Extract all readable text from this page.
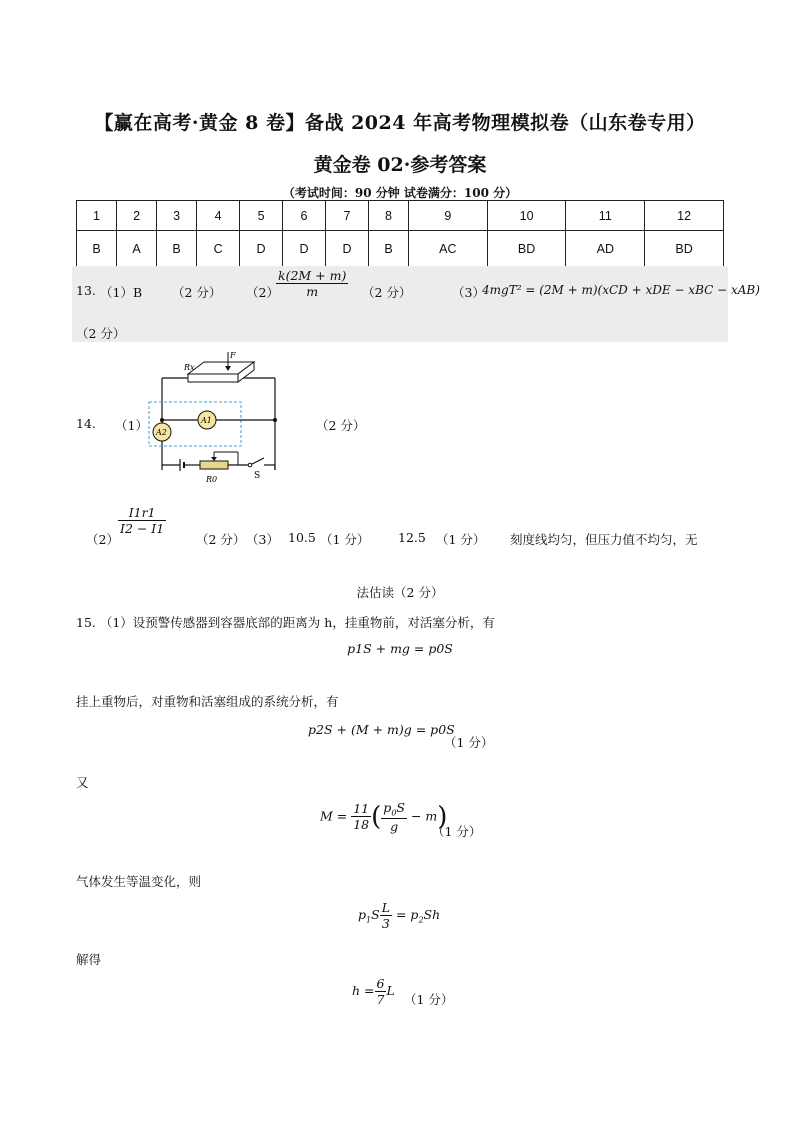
【赢在高考·黄金 8 卷】备战 2024 年高考物理模拟卷（山东卷专用）
黄金卷 02·参考答案
（考试时间：90 分钟 试卷满分：100 分）
1	2	3	4	5	6	7	8	9	10	11	12
B	A	B	C	D	D	D	B	AC	BD	AD	BD
13. （1）B （2 分） （2）
$\frac{k(2M + m)}{m} (2$ 分）	（3）
4mgT² = (2M + m)(xCD + xDE − xBC − xAB)
（2 分）
14. （1）	（2 分）
F
Rx
A1
A2
R0	S
（2）
$\frac{I1r1}{I2 - I1}$
（2 分） （3） 10.5 （1 分） 12.5 （1 分） 刻度线均匀，但压力值不均匀，无
法估读（2 分）
15. （1）设预警传感器到容器底部的距离为 h，挂重物前，对活塞分析，有
p1S + mg = p0S
挂上重物后，对重物和活塞组成的系统分析，有
p2S + (M + m)g = p0S
（1 分）
又
$M = \frac{11}{18}$ ( $\frac{p_0S}{g} - m$)
（1 分）
气体发生等温变化，则
$p_1S \frac{L}{3} = p_2Sh$
解得
$h = \frac{6}{7}$ L
（1 分）
